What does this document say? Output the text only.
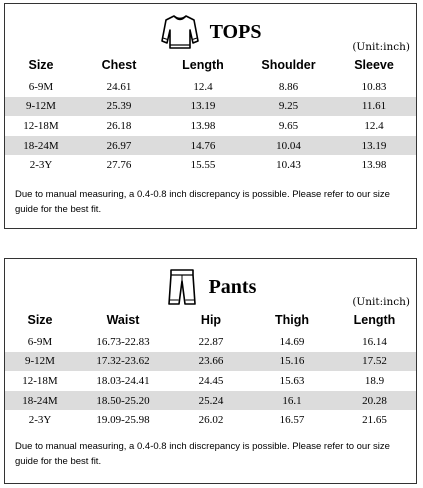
TOPS
(Unit:inch)
Size	Chest	Length	Shoulder	Sleeve
6-9M	24.61	12.4	8.86	10.83
9-12M	25.39	13.19	9.25	11.61
12-18M	26.18	13.98	9.65	12.4
18-24M	26.97	14.76	10.04	13.19
2-3Y	27.76	15.55	10.43	13.98
Due to manual measuring, a 0.4-0.8 inch discrepancy is possible. Please refer to our size guide for the best fit.
Pants
(Unit:inch)
Size	Waist	Hip	Thigh	Length
6-9M	16.73-22.83	22.87	14.69	16.14
9-12M	17.32-23.62	23.66	15.16	17.52
12-18M	18.03-24.41	24.45	15.63	18.9
18-24M	18.50-25.20	25.24	16.1	20.28
2-3Y	19.09-25.98	26.02	16.57	21.65
Due to manual measuring, a 0.4-0.8 inch discrepancy is possible. Please refer to our size guide for the best fit.
